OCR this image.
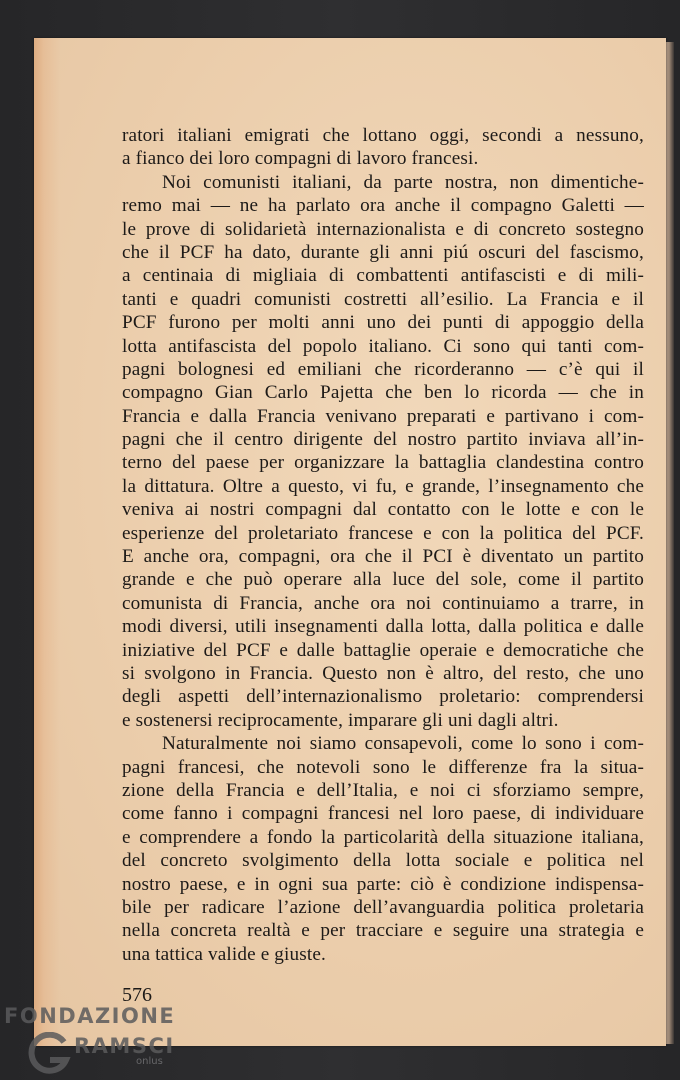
ratori italiani emigrati che lottano oggi, secondi a nessuno,
a fianco dei loro compagni di lavoro francesi.
Noi comunisti italiani, da parte nostra, non dimentiche-
remo mai — ne ha parlato ora anche il compagno Galetti —
le prove di solidarietà internazionalista e di concreto sostegno
che il PCF ha dato, durante gli anni piú oscuri del fascismo,
a centinaia di migliaia di combattenti antifascisti e di mili-
tanti e quadri comunisti costretti all’esilio. La Francia e il
PCF furono per molti anni uno dei punti di appoggio della
lotta antifascista del popolo italiano. Ci sono qui tanti com-
pagni bolognesi ed emiliani che ricorderanno — c’è qui il
compagno Gian Carlo Pajetta che ben lo ricorda — che in
Francia e dalla Francia venivano preparati e partivano i com-
pagni che il centro dirigente del nostro partito inviava all’in-
terno del paese per organizzare la battaglia clandestina contro
la dittatura. Oltre a questo, vi fu, e grande, l’insegnamento che
veniva ai nostri compagni dal contatto con le lotte e con le
esperienze del proletariato francese e con la politica del PCF.
E anche ora, compagni, ora che il PCI è diventato un partito
grande e che può operare alla luce del sole, come il partito
comunista di Francia, anche ora noi continuiamo a trarre, in
modi diversi, utili insegnamenti dalla lotta, dalla politica e dalle
iniziative del PCF e dalle battaglie operaie e democratiche che
si svolgono in Francia. Questo non è altro, del resto, che uno
degli aspetti dell’internazionalismo proletario: comprendersi
e sostenersi reciprocamente, imparare gli uni dagli altri.
Naturalmente noi siamo consapevoli, come lo sono i com-
pagni francesi, che notevoli sono le differenze fra la situa-
zione della Francia e dell’Italia, e noi ci sforziamo sempre,
come fanno i compagni francesi nel loro paese, di individuare
e comprendere a fondo la particolarità della situazione italiana,
del concreto svolgimento della lotta sociale e politica nel
nostro paese, e in ogni sua parte: ciò è condizione indispensa-
bile per radicare l’azione dell’avanguardia politica proletaria
nella concreta realtà e per tracciare e seguire una strategia e
una tattica valide e giuste.
576
FONDAZIONE
RAMSCI
onlus
